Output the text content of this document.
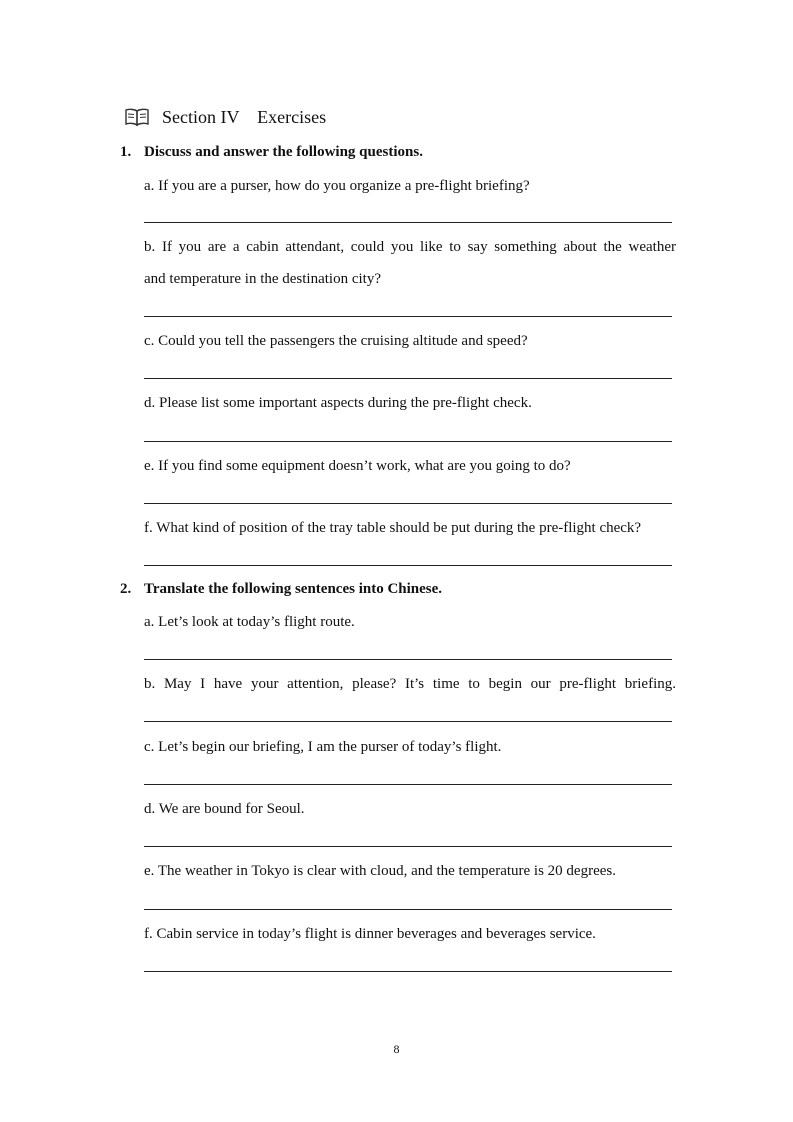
Section IV    Exercises
1. Discuss and answer the following questions.
a. If you are a purser, how do you organize a pre-flight briefing?
b. If you are a cabin attendant, could you like to say something about the weather
and temperature in the destination city?
c. Could you tell the passengers the cruising altitude and speed?
d. Please list some important aspects during the pre-flight check.
e. If you find some equipment doesn’t work, what are you going to do?
f. What kind of position of the tray table should be put during the pre-flight check?
2. Translate the following sentences into Chinese.
a. Let’s look at today’s flight route.
b. May I have your attention, please? It’s time to begin our pre-flight briefing.
c. Let’s begin our briefing, I am the purser of today’s flight.
d. We are bound for Seoul.
e. The weather in Tokyo is clear with cloud, and the temperature is 20 degrees.
f. Cabin service in today’s flight is dinner beverages and beverages service.
8
